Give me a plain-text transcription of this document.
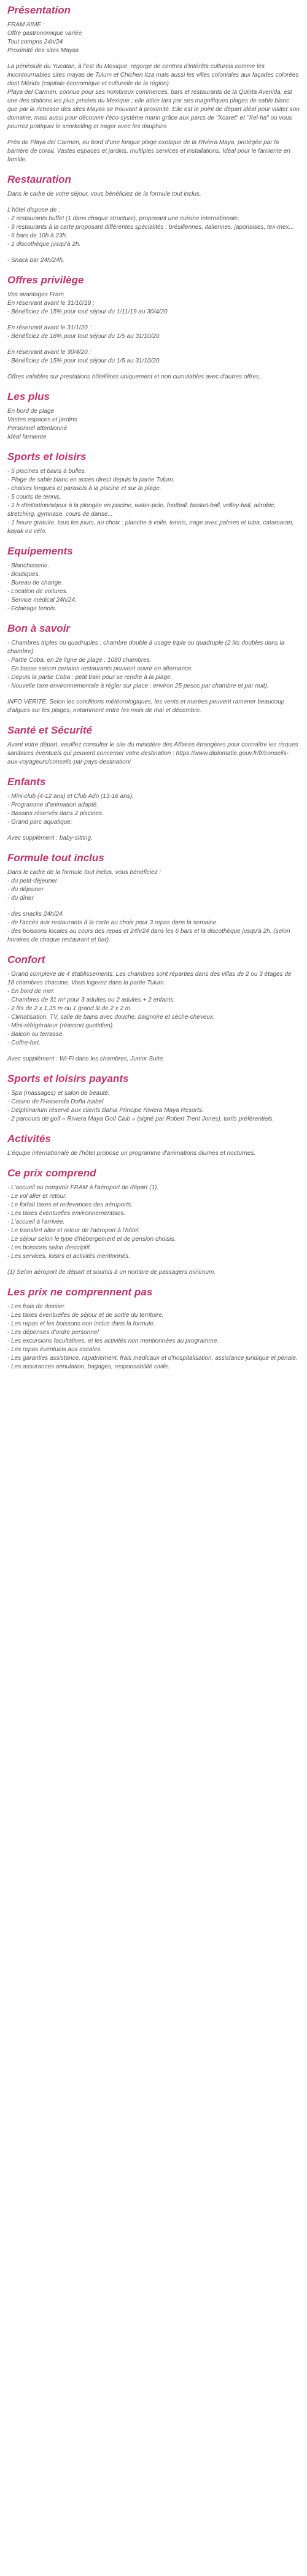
Présentation
FRAM AIME :
Offre gastronomique variée
Tout compris 24h/24
Proximité des sites Mayas
La péninsule du Yucatan, à l'est du Mexique, regorge de centres d'intérêts culturels comme les incontournables sites mayas de Tulum et Chichen Itza mais aussi les villes coloniales aux façades colorées dont Mérida (capitale économique et culturelle de la région).
Playa del Carmen, connue pour ses nombreux commerces, bars et restaurants de la Quinta Avenida, est une des stations les plus prisées du Mexique ; elle attire tant par ses magnifiques plages de sable blanc que par la richesse des sites Mayas se trouvant à proximité. Elle est le point de départ idéal pour visiter son domaine, mais aussi pour découvrir l'éco-système marin grâce aux parcs de "Xcaret" et "Xel-ha" où vous pourrez pratiquer le snorkelling et nager avec les dauphins
Près de Playa del Carmen, au bord d'une longue plage exotique de la Riviera Maya, protégée par la barrière de corail. Vastes espaces et jardins, multiples services et installations. Idéal pour le farniente en famille.
Restauration
Dans le cadre de votre séjour, vous bénéficiez de la formule tout inclus.
L'hôtel dispose de :
- 2 restaurants buffet (1 dans chaque structure), proposant une cuisine internationale.
- 9 restaurants à la carte proposant différentes spécialités : brésiliennes, italiennes, japonaises, tex-mex...
- 6 bars de 10h à 23h.
- 1 discothèque jusqu'à 2h.
- Snack bar 24h/24h.
Offres privilège
Vos avantages Fram
En réservant avant le 31/10/19 :
- Bénéficiez de 15% pour tout séjour du 1/11/19 au 30/4/20.
En réservant avant le 31/1/20 :
- Bénéficiez de 18% pour tout séjour du 1/5 au 31/10/20.
En réservant avant le 30/4/20 :
- Bénéficiez de 15% pour tout séjour du 1/5 au 31/10/20.
Offres valables sur prestations hôtelières uniquement et non cumulables avec d'autres offres.
Les plus
En bord de plage
Vastes espaces et jardins
Personnel attentionné
Idéal farniente
Sports et loisirs
- 5 piscines et bains à bulles.
- Plage de sable blanc en accès direct depuis la partie Tulum.
- chaises longues et parasols à la piscine et sur la plage.
- 5 courts de tennis.
- 1 h d'initiation/séjour à la plongée en piscine, water-polo, football, basket-ball, volley-ball, aérobic, stretching, gymnase, cours de danse...
- 1 heure gratuite, tous les jours, au choix : planche à voile, tennis, nage avec palmes et tuba, catamaran, kayak ou vélo.
Equipements
- Blanchisserie.
- Boutiques.
- Bureau de change.
- Location de voitures.
- Service médical 24h/24.
- Eclairage tennis.
Bon à savoir
- Chambres triples ou quadruples : chambre double à usage triple ou quadruple (2 lits doubles dans la chambre).
- Partie Coba, en 2e ligne de plage : 1080 chambres.
- En basse saison certains restaurants peuvent ouvrir en alternance.
- Depuis la partie Coba : petit train pour se rendre à la plage.
- Nouvelle taxe environnementale à régler sur place : environ 25 pesos par chambre et par nuit).
INFO VERITE: Selon les conditions météorologiques, les vents et marées peuvent ramener beaucoup d'algues sur les plages, notamment entre les mois de mai et décembre.
Santé et Sécurité
Avant votre départ, veuillez consulter le site du ministère des Affaires étrangères pour connaître les risques sanitaires éventuels qui peuvent concerner votre destination : https://www.diplomatie.gouv.fr/fr/conseils-aux-voyageurs/conseils-par-pays-destination/
Enfants
- Mini-club (4-12 ans) et Club Ado (13-16 ans).
- Programme d'animation adapté.
- Bassins réservés dans 2 piscines.
- Grand parc aquatique.
Avec supplément : baby-sitting.
Formule tout inclus
Dans le cadre de la formule tout inclus, vous bénéficiez :
- du petit-déjeuner
- du déjeuner
- du dîner
- des snacks 24h/24.
- de l'accès aux restaurants à la carte au choix pour 3 repas dans la semaine.
- des boissons locales au cours des repas et 24h/24 dans les 6 bars et la discothèque jusqu'à 2h. (selon horaires de chaque restaurant et bar).
Confort
- Grand complexe de 4 établissements. Les chambres sont réparties dans des villas de 2 ou 3 étages de 18 chambres chacune. Vous logerez dans la partie Tulum.
- En bord de mer.
- Chambres de 31 m² pour 3 adultes ou 2 adultes + 2 enfants.
- 2 lits de 2 x 1,35 m ou 1 grand lit de 2 x 2 m.
- Climatisation, TV, salle de bains avec douche, baignoire et sèche-cheveux.
- Mini-réfrigérateur (réassort quotidien).
- Balcon ou terrasse.
- Coffre-fort.
Avec supplément : Wi-Fi dans les chambres, Junior Suite.
Sports et loisirs payants
- Spa (massages) et salon de beauté.
- Casino de l'Hacienda Doña Isabel.
- Delphinarium réservé aux clients Bahia Principe Riviera Maya Resorts.
- 2 parcours de golf « Riviera Maya Golf Club » (signé par Robert Trent Jones), tarifs préférentiels.
Activités
L'équipe internationale de l'hôtel propose un programme d'animations diurnes et nocturnes.
Ce prix comprend
- L'accueil au comptoir FRAM à l'aéroport de départ (1).
- Le vol aller et retour.
- Le forfait taxes et redevances des aéroports.
- Les taxes éventuelles environnementales.
- L'accueil à l'arrivée.
- Le transfert aller et retour de l'aéroport à l'hôtel.
- Le séjour selon le type d'hébergement et de pension choisis.
- Les boissons selon descriptif.
- Les services, loisirs et activités mentionnés.
(1) Selon aéroport de départ et soumis à un nombre de passagers minimum.
Les prix ne comprennent pas
- Les frais de dossier.
- Les taxes éventuelles de séjour et de sortie du territoire.
- Les repas et les boissons non inclus dans la formule.
- Les dépenses d'ordre personnel
- Les excursions facultatives, et les activités non mentionnées au programme.
- Les repas éventuels aux escales.
- Les garanties assistance, rapatriement, frais médicaux et d'hospitalisation, assistance juridique et pénale.
- Les assurances annulation, bagages, responsabilité civile.
